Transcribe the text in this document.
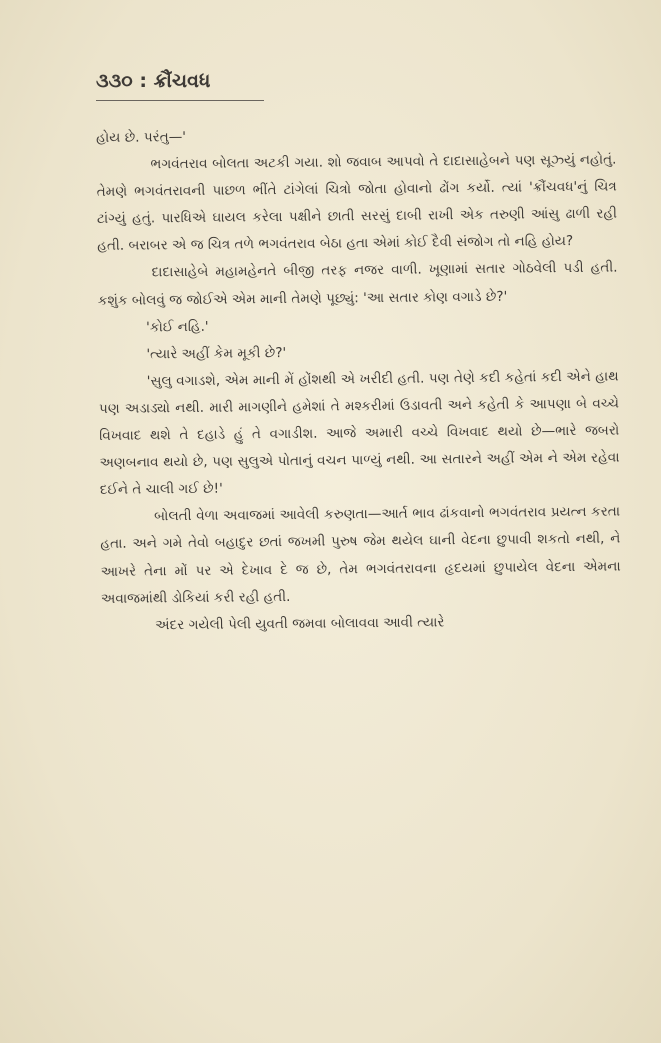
૩૩૦ : ક્રૌંચવધ

હોય છે. પરંતુ—'

ભગવંતરાવ બોલતા અટકી ગયા. શો જવાબ આપવો તે દાદાસાહેબને પણ સૂઝ્યું નહોતું. તેમણે ભગવંતરાવની પાછળ ભીંતે ટાંગેલાં ચિત્રો જોતા હોવાનો ઢોંગ કર્યો. ત્યાં 'ક્રૌંચવધ'નું ચિત્ર ટાંગ્યું હતું. પારધિએ ઘાયલ કરેલા પક્ષીને છાતી સરસું દાબી રાખી એક તરુણી આંસુ ઢાળી રહી હતી. બરાબર એ જ ચિત્ર તળે ભગવંતરાવ બેઠા હતા એમાં કોઈ દૈવી સંજોગ તો નહિ હોય?

દાદાસાહેબે મહામહેનતે બીજી તરફ નજર વાળી. ખૂણામાં સતાર ગોઠવેલી પડી હતી. કશુંક બોલવું જ જોઈએ એમ માની તેમણે પૂછ્યું: 'આ સતાર કોણ વગાડે છે?'

'કોઈ નહિ.'

'ત્યારે અહીં કેમ મૂકી છે?'

'સુલુ વગાડશે, એમ માની મેં હોંશથી એ ખરીદી હતી. પણ તેણે કદી કહેતાં કદી એને હાથ પણ અડાડ્યો નથી. મારી માગણીને હમેશાં તે મશ્કરીમાં ઉડાવતી અને કહેતી કે આપણા બે વચ્ચે વિખવાદ થશે તે દહાડે હું તે વગાડીશ. આજે અમારી વચ્ચે વિખવાદ થયો છે—ભારે જબરો અણબનાવ થયો છે, પણ સુલુએ પોતાનું વચન પાળ્યું નથી. આ સતારને અહીં એમ ને એમ રહેવા દઈને તે ચાલી ગઈ છે!'

બોલતી વેળા અવાજમાં આવેલી કરુણતા—આર્ત ભાવ ઢાંકવાનો ભગવંતરાવ પ્રયત્ન કરતા હતા. અને ગમે તેવો બહાદુર છતાં જખમી પુરુષ જેમ થયેલ ઘાની વેદના છુપાવી શકતો નથી, ને આખરે તેના મોં પર એ દેખાવ દે જ છે, તેમ ભગવંતરાવના હૃદયમાં છુપાયેલ વેદના એમના અવાજમાંથી ડોકિયાં કરી રહી હતી.

અંદર ગયેલી પેલી યુવતી જમવા બોલાવવા આવી ત્યારે
